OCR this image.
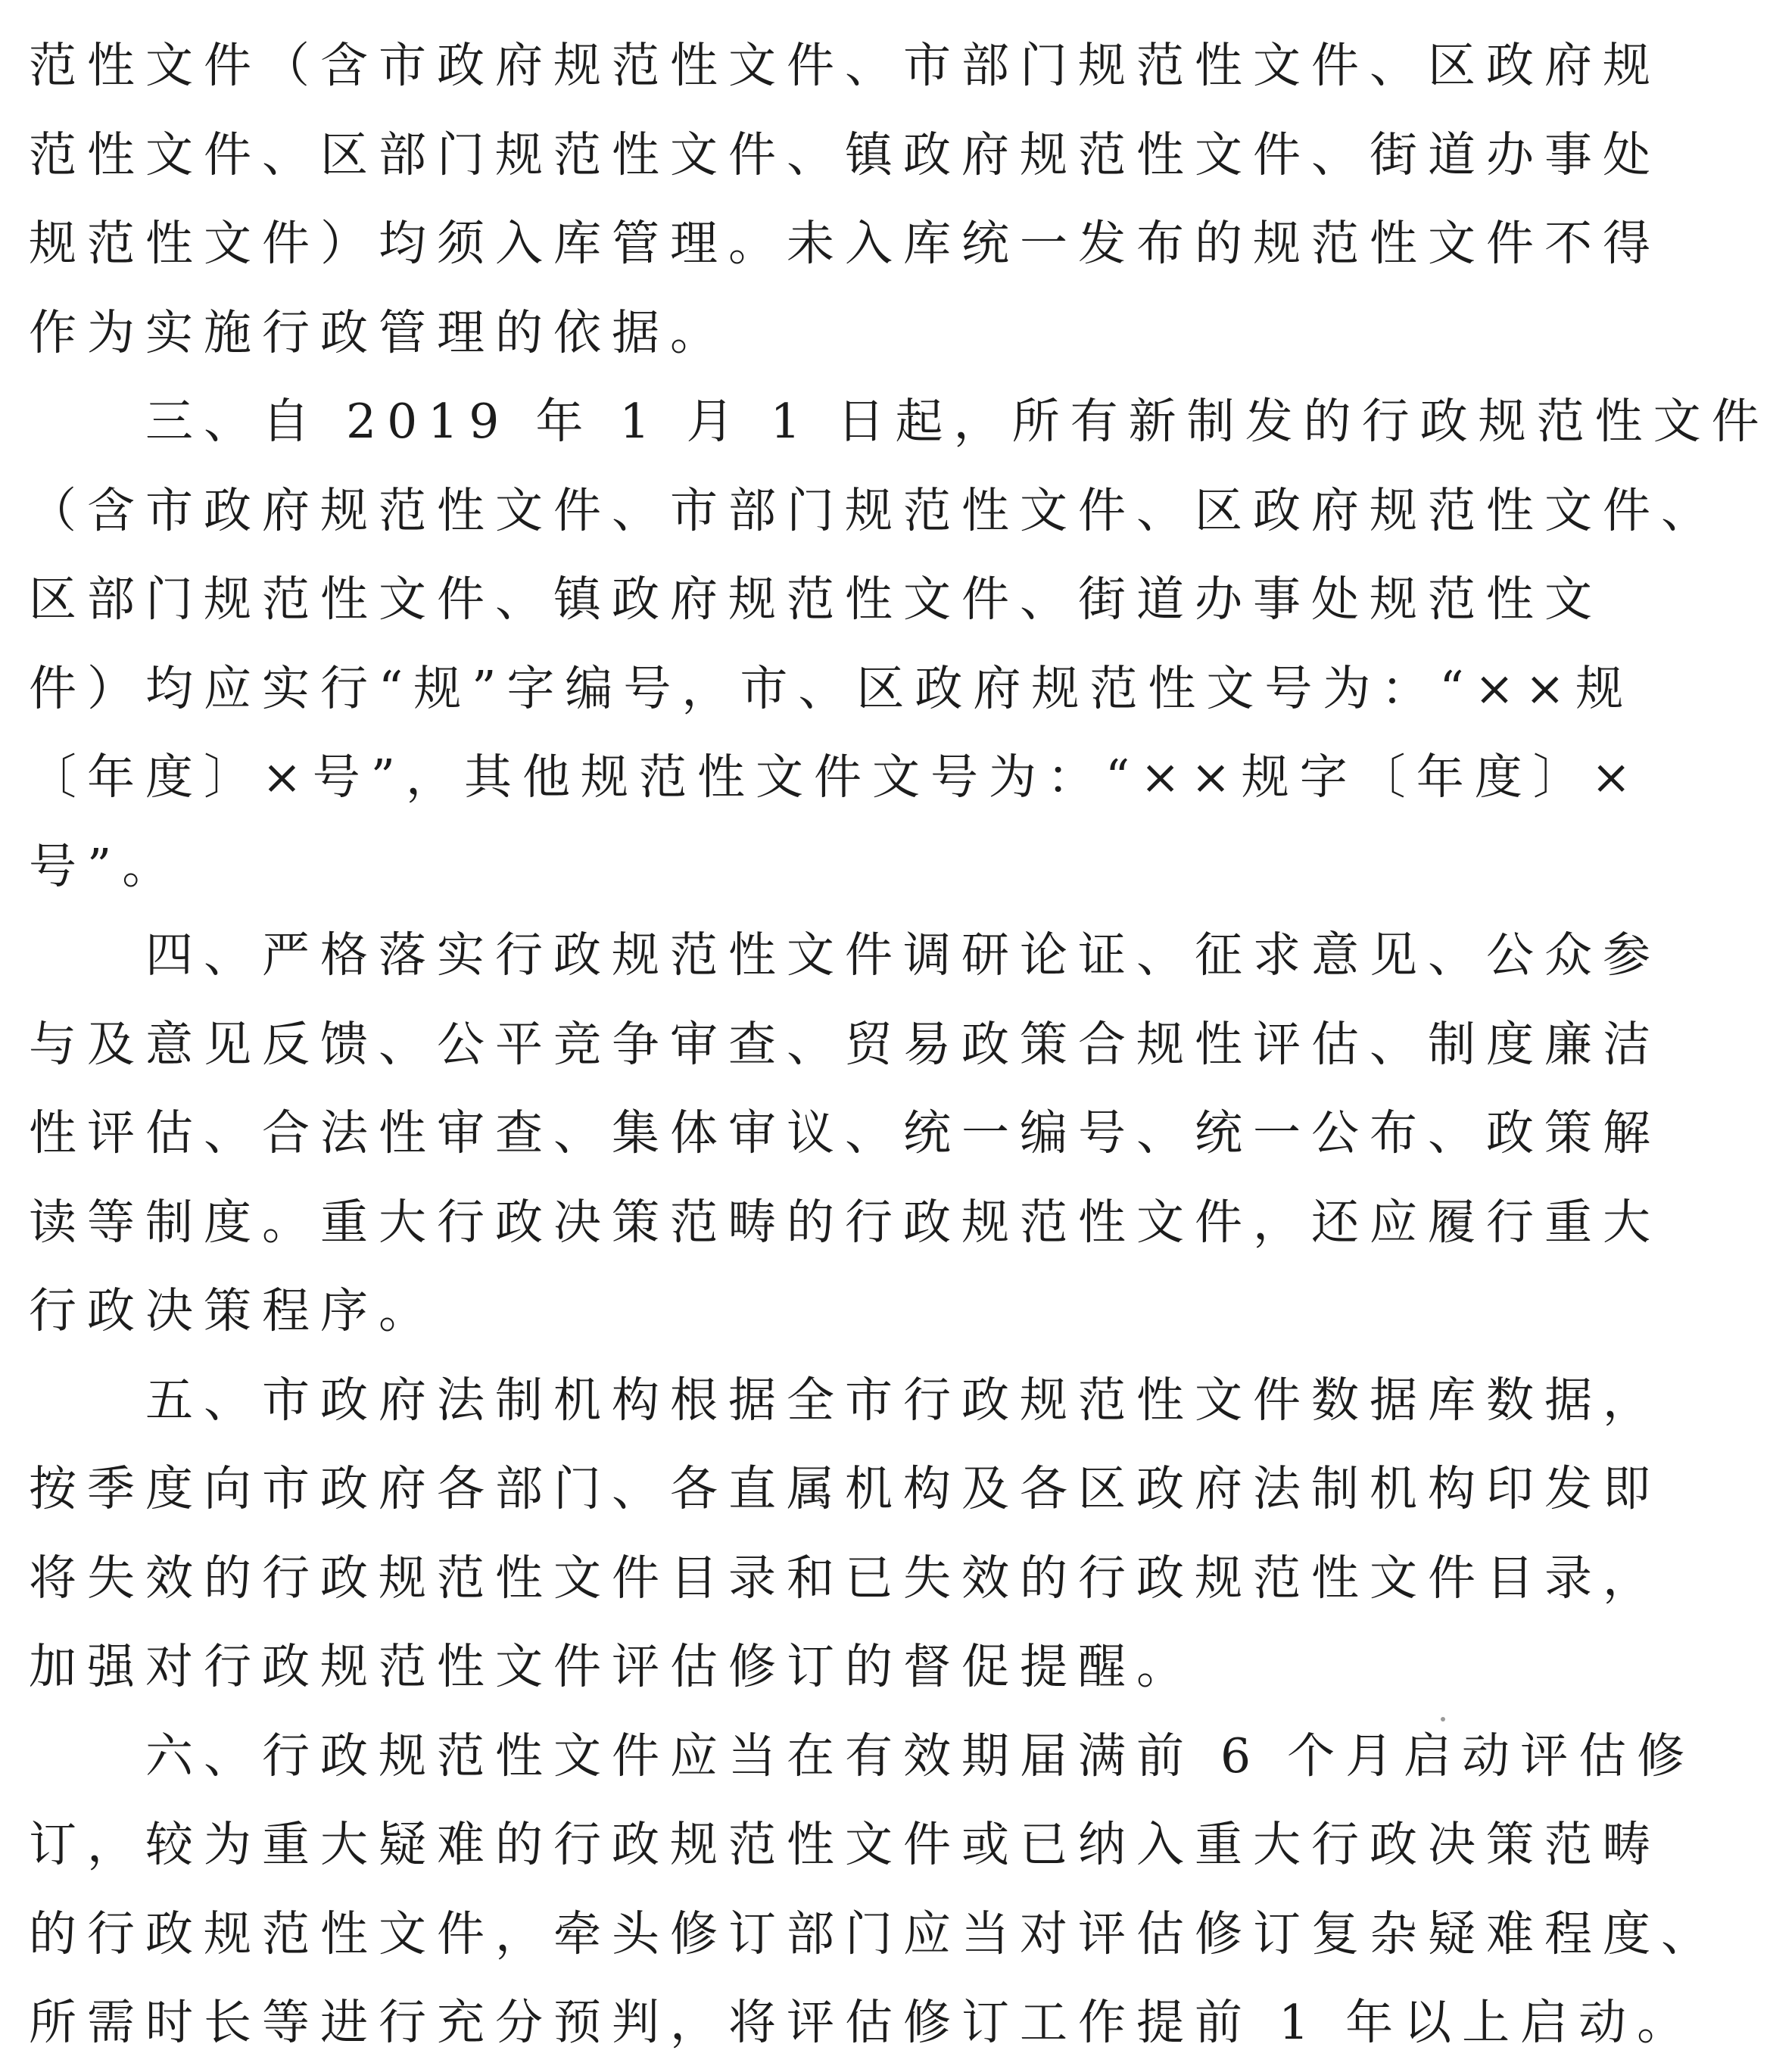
范性文件（含市政府规范性文件、市部门规范性文件、区政府规
范性文件、区部门规范性文件、镇政府规范性文件、街道办事处
规范性文件）均须入库管理。未入库统一发布的规范性文件不得
作为实施行政管理的依据。

三、自 2019 年 1 月 1 日起，所有新制发的行政规范性文件
（含市政府规范性文件、市部门规范性文件、区政府规范性文件、
区部门规范性文件、镇政府规范性文件、街道办事处规范性文
件）均应实行“规”字编号，市、区政府规范性文号为：“××规
〔年度〕×号”，其他规范性文件文号为：“××规字〔年度〕×
号”。

四、严格落实行政规范性文件调研论证、征求意见、公众参
与及意见反馈、公平竞争审查、贸易政策合规性评估、制度廉洁
性评估、合法性审查、集体审议、统一编号、统一公布、政策解
读等制度。重大行政决策范畴的行政规范性文件，还应履行重大
行政决策程序。

五、市政府法制机构根据全市行政规范性文件数据库数据，
按季度向市政府各部门、各直属机构及各区政府法制机构印发即
将失效的行政规范性文件目录和已失效的行政规范性文件目录，
加强对行政规范性文件评估修订的督促提醒。

六、行政规范性文件应当在有效期届满前 6 个月启动评估修
订，较为重大疑难的行政规范性文件或已纳入重大行政决策范畴
的行政规范性文件，牵头修订部门应当对评估修订复杂疑难程度、
所需时长等进行充分预判，将评估修订工作提前 1 年以上启动。
